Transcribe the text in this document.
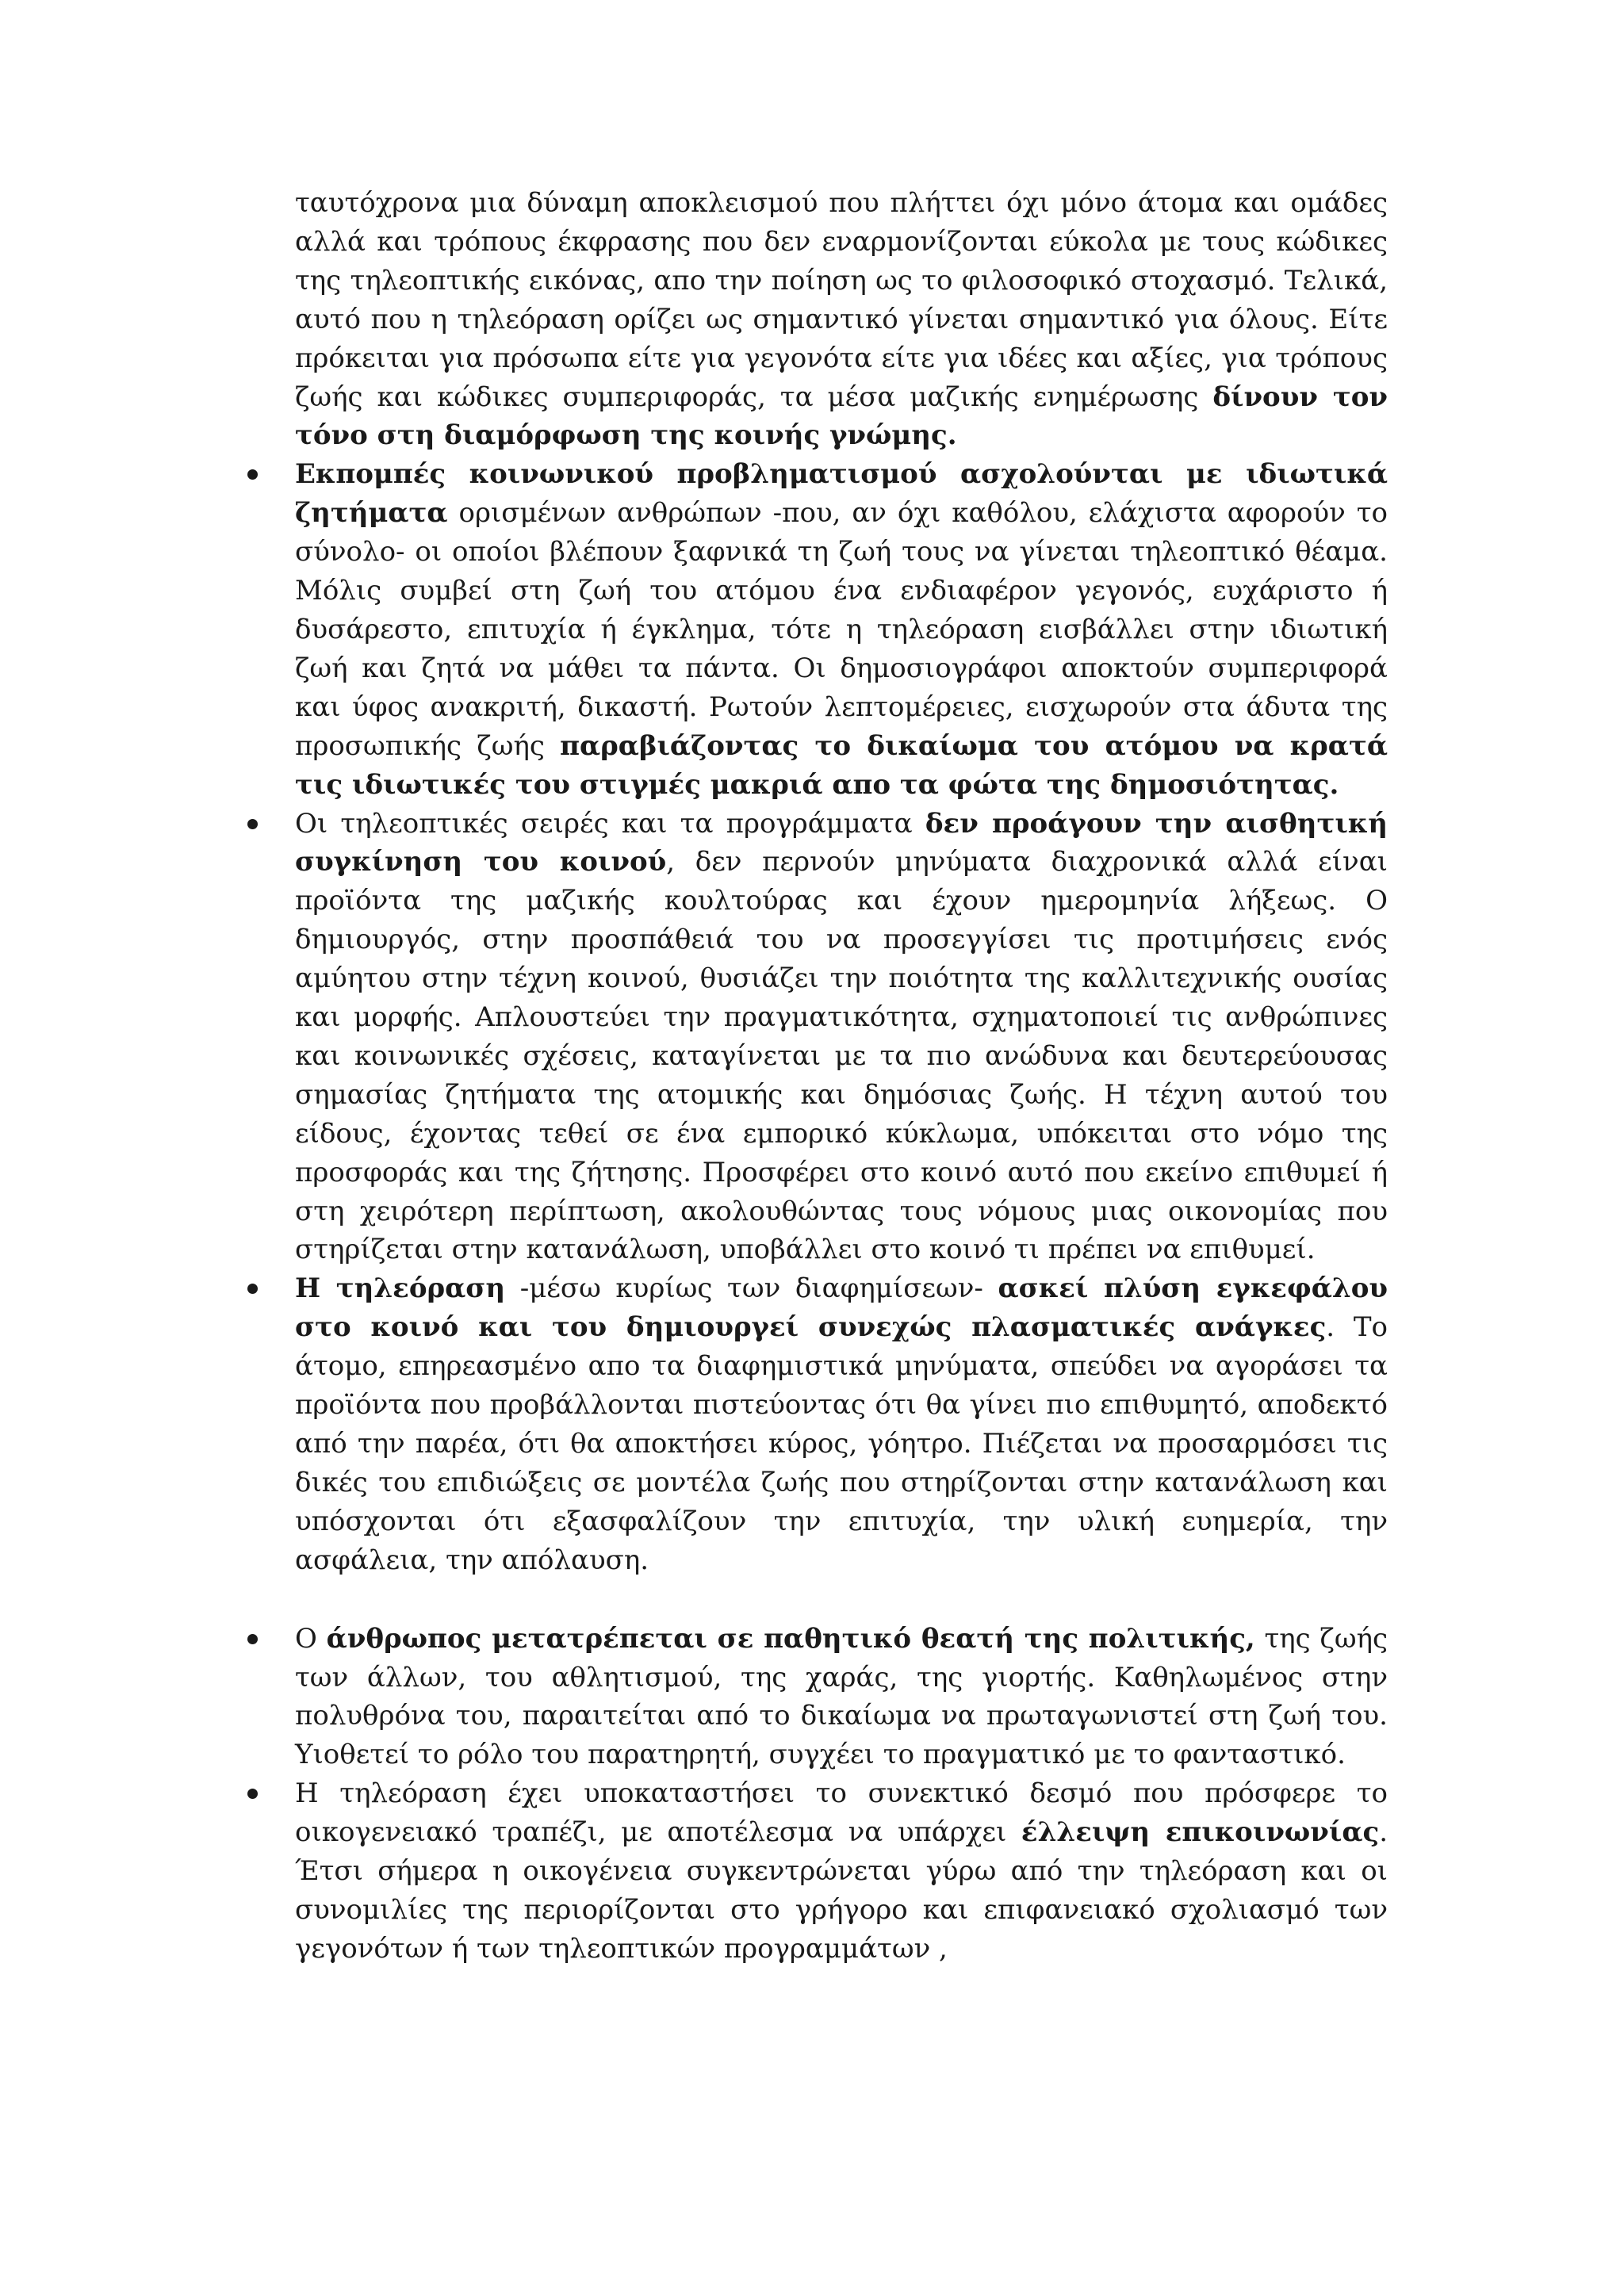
ταυτόχρονα μια δύναμη αποκλεισμού που πλήττει όχι μόνο άτομα και ομάδες αλλά και τρόπους έκφρασης που δεν εναρμονίζονται εύκολα με τους κώδικες της τηλεοπτικής εικόνας, απο την ποίηση ως το φιλοσοφικό στοχασμό. Τελικά, αυτό που η τηλεόραση ορίζει ως σημαντικό γίνεται σημαντικό για όλους. Είτε πρόκειται για πρόσωπα είτε για γεγονότα είτε για ιδέες και αξίες, για τρόπους ζωής και κώδικες συμπεριφοράς, τα μέσα μαζικής ενημέρωσης δίνουν τον τόνο στη διαμόρφωση της κοινής γνώμης.

Εκπομπές κοινωνικού προβληματισμού ασχολούνται με ιδιωτικά ζητήματα ορισμένων ανθρώπων -που, αν όχι καθόλου, ελάχιστα αφορούν το σύνολο- οι οποίοι βλέπουν ξαφνικά τη ζωή τους να γίνεται τηλεοπτικό θέαμα. Μόλις συμβεί στη ζωή του ατόμου ένα ενδιαφέρον γεγονός, ευχάριστο ή δυσάρεστο, επιτυχία ή έγκλημα, τότε η τηλεόραση εισβάλλει στην ιδιωτική ζωή και ζητά να μάθει τα πάντα. Οι δημοσιογράφοι αποκτούν συμπεριφορά και ύφος ανακριτή, δικαστή. Ρωτούν λεπτομέρειες, εισχωρούν στα άδυτα της προσωπικής ζωής παραβιάζοντας το δικαίωμα του ατόμου να κρατά τις ιδιωτικές του στιγμές μακριά απο τα φώτα της δημοσιότητας.
Οι τηλεοπτικές σειρές και τα προγράμματα δεν προάγουν την αισθητική συγκίνηση του κοινού, δεν περνούν μηνύματα διαχρονικά αλλά είναι προϊόντα της μαζικής κουλτούρας και έχουν ημερομηνία λήξεως. Ο δημιουργός, στην προσπάθειά του να προσεγγίσει τις προτιμήσεις ενός αμύητου στην τέχνη κοινού, θυσιάζει την ποιότητα της καλλιτεχνικής ουσίας και μορφής. Απλουστεύει την πραγματικότητα, σχηματοποιεί τις ανθρώπινες και κοινωνικές σχέσεις, καταγίνεται με τα πιο ανώδυνα και δευτερεύουσας σημασίας ζητήματα της ατομικής και δημόσιας ζωής. Η τέχνη αυτού του είδους, έχοντας τεθεί σε ένα εμπορικό κύκλωμα, υπόκειται στο νόμο της προσφοράς και της ζήτησης. Προσφέρει στο κοινό αυτό που εκείνο επιθυμεί ή στη χειρότερη περίπτωση, ακολουθώντας τους νόμους μιας οικονομίας που στηρίζεται στην κατανάλωση, υποβάλλει στο κοινό τι πρέπει να επιθυμεί.
Η τηλεόραση -μέσω κυρίως των διαφημίσεων- ασκεί πλύση εγκεφάλου στο κοινό και του δημιουργεί συνεχώς πλασματικές ανάγκες. Το άτομο, επηρεασμένο απο τα διαφημιστικά μηνύματα, σπεύδει να αγοράσει τα προϊόντα που προβάλλονται πιστεύοντας ότι θα γίνει πιο επιθυμητό, αποδεκτό από την παρέα, ότι θα αποκτήσει κύρος, γόητρο. Πιέζεται να προσαρμόσει τις δικές του επιδιώξεις σε μοντέλα ζωής που στηρίζονται στην κατανάλωση και υπόσχονται ότι εξασφαλίζουν την επιτυχία, την υλική ευημερία, την ασφάλεια, την απόλαυση.
Ο άνθρωπος μετατρέπεται σε παθητικό θεατή της πολιτικής, της ζωής των άλλων, του αθλητισμού, της χαράς, της γιορτής. Καθηλωμένος στην πολυθρόνα του, παραιτείται από το δικαίωμα να πρωταγωνιστεί στη ζωή του. Υιοθετεί το ρόλο του παρατηρητή, συγχέει το πραγματικό με το φανταστικό.
Η τηλεόραση έχει υποκαταστήσει το συνεκτικό δεσμό που πρόσφερε το οικογενειακό τραπέζι, με αποτέλεσμα να υπάρχει έλλειψη επικοινωνίας. Έτσι σήμερα η οικογένεια συγκεντρώνεται γύρω από την τηλεόραση και οι συνομιλίες της περιορίζονται στο γρήγορο και επιφανειακό σχολιασμό των γεγονότων ή των τηλεοπτικών προγραμμάτων ,
